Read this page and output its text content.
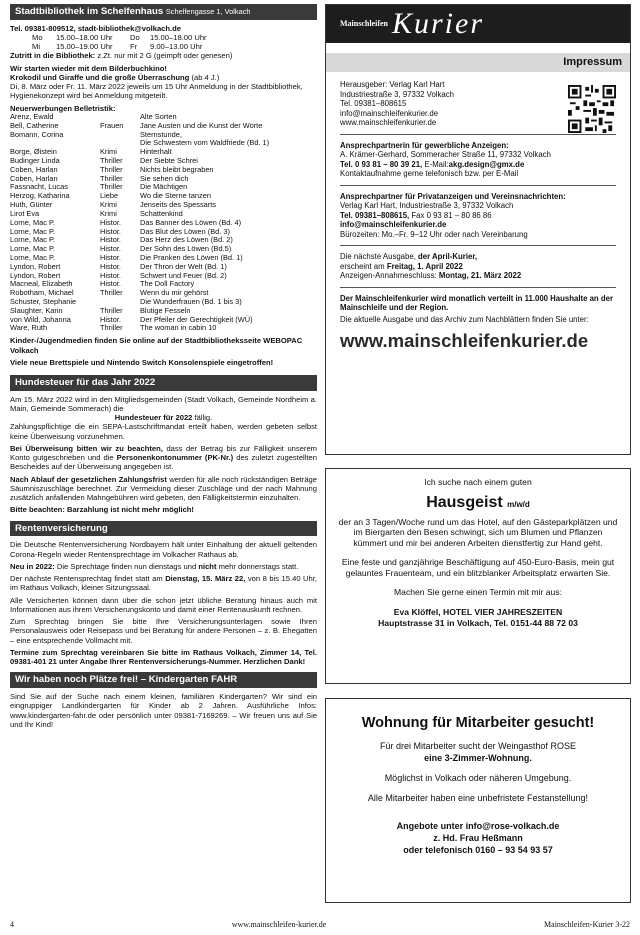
Stadtbibliothek im Schelfenhaus Schelfengasse 1, Volkach
Tel. 09381-809512, stadt-bibliothek@volkach.de
Mo	15.00–18.00 Uhr	Do	15.00–18.00 Uhr
Mi	15.00–19.00 Uhr	Fr	9.00–13.00 Uhr

Zutritt in die Bibliothek: z.Zt. nur mit 2 G (geimpft oder genesen)

Wir starten wieder mit dem Bilderbuchkino!
Krokodil und Giraffe und die große Überraschung (ab 4 J.)

Di, 8. März oder Fr. 11. März 2022 jeweils um 15 Uhr Anmeldung in der Stadtbibliothek, Hygienekonzept wird bei Anmeldung mitgeteilt.

Neuerwerbungen Belletristik:
Arenz, Ewald		Alte Sorten
Bell, Catherine	Frauen	Jane Austen und die Kunst der Worte
Bomann, Corina		Sternstunde,
		Die Schwestern vom Waldfriede (Bd. 1)
Borge, Øistein	Krimi	Hinterhalt
Budinger Linda	Thriller	Der Siebte Schrei
Coben, Harlan	Thriller	Nichts bleibt begraben
Coben, Harlan	Thriller	Sie sehen dich
Fassnacht, Lucas	Thriller	Die Mächtigen
Herzog, Katharina	Liebe	Wo die Sterne tanzen
Huth, Günter	Krimi	Jenseits des Spessarts
Lirot Eva	Krimi	Schattenkind
Lorne, Mac P.	Histor.	Das Banner des Löwen (Bd. 4)
Lorne, Mac P.	Histor.	Das Blut des Löwen (Bd. 3)
Lorne, Mac P.	Histor.	Das Herz des Löwen (Bd. 2)
Lorne, Mac P.	Histor.	Der Sohn des Löwen (Bd.5)
Lorne, Mac P.	Histor.	Die Pranken des Löwen (Bd. 1)
Lyndon, Robert	Histor.	Der Thron der Welt (Bd. 1)
Lyndon, Robert	Histor.	Schwert und Feuer (Bd. 2)
Macneal, Elizabeth	Histor.	The Doll Factory
Robotham, Michael	Thriller	Wenn du mir gehörst
Schuster, Stephanie		Die Wunderfrauen (Bd. 1 bis 3)
Slaughter, Karin	Thriller	Blutige Fesseln
von Wild, Johanna	Histor.	Der Pfeiler der Gerechtigkeit (WÜ)
Ware, Ruth	Thriller	The woman in cabin 10

Kinder-/Jugendmedien finden Sie online auf der Stadtbibliotheksseite WEBOPAC Volkach

Viele neue Brettspiele und Nintendo Switch Konsolenspiele eingetroffen!

Hundesteuer für das Jahr 2022
Am 15. März 2022 wird in den Mitgliedsgemeinden (Stadt Volkach, Gemeinde Nordheim a. Main, Gemeinde Sommerach) die
Hundesteuer für 2022 fällig.

Zahlungspflichtige die ein SEPA-Lastschriftmandat erteilt haben, werden gebeten selbst keine Überweisung vorzunehmen.

Bei Überweisung bitten wir zu beachten, dass der Betrag bis zur Fälligkeit unserem Konto gutgeschrieben und die Personenkontonummer (PK-Nr.) des zuletzt zugestellten Bescheides auf der Überweisung angegeben ist.

Nach Ablauf der gesetzlichen Zahlungsfrist werden für alle noch rückständigen Beträge Säumniszuschläge berechnet. Zur Vermeidung dieser Zuschläge und der nach Mahnung zusätzlich anfallenden Mahngebühren wird gebeten, den Fälligkeitstermin einzuhalten.

Bitte beachten: Barzahlung ist nicht mehr möglich!

Rentenversicherung

Die Deutsche Rentenversicherung Nordbayern hält unter Einhaltung der aktuell geltenden Corona-Regeln wieder Rentensprechtage im Volkacher Rathaus ab.

Neu in 2022: Die Sprechtage finden nun dienstags und nicht mehr donnerstags statt.

Der nächste Rentensprechtag findet statt am Dienstag, 15. März 22, von 8 bis 15.40 Uhr, im Rathaus Volkach, kleiner Sitzungssaal.

Alle Versicherten können dann über die schon jetzt übliche Beratung hinaus auch mit Informationen aus ihrem Versicherungskonto und damit einer Rentenauskunft rechnen.

Zum Sprechtag bringen Sie bitte Ihre Versicherungsunterlagen sowie Ihren Personalausweis oder Reisepass und bei Beratung für andere Personen – z. B. Ehegatten – eine entsprechende Vollmacht mit.

Termine zum Sprechtag vereinbaren Sie bitte im Rathaus Volkach, Zimmer 14, Tel. 09381-401 21 unter Angabe Ihrer Rentenversicherungs-Nummer. Herzlichen Dank!

Wir haben noch Plätze frei! – Kindergarten FAHR
Sind Sie auf der Suche nach einem kleinen, familiären Kindergarten? Wir sind ein eingruppiger Landkindergarten für Kinder ab 2 Jahren. Ausführliche Infos: www.kindergarten-fahr.de oder persönlich unter 09381-7169269. – Wir freuen uns auf Sie und Ihr Kind!
Mainschleifen Kurier
Impressum
Herausgeber: Verlag Karl Hart
Industriestraße 3, 97332 Volkach
Tel. 09381–808615
info@mainschleifenkurier.de
www.mainschleifenkurier.de
Ansprechpartnerin für gewerbliche Anzeigen:
A. Krämer-Gerhard, Sommeracher Straße 11, 97332 Volkach
Tel. 0 93 81 – 80 39 21, E-Mail:akg.design@gmx.de
Kontaktaufnahme gerne telefonisch bzw. per E-Mail
Ansprechpartner für Privatanzeigen und Vereinsnachrichten:
Verlag Karl Hart, Industriestraße 3, 97332 Volkach
Tel. 09381–808615, Fax 0 93 81 – 80 86 86
info@mainschleifenkurier.de
Bürozeiten: Mo.–Fr. 9–12 Uhr oder nach Vereinbarung
Die nächste Ausgabe, der April-Kurier,
erscheint am Freitag, 1. April 2022
Anzeigen-Annahmeschluss: Montag, 21. März 2022

Der Mainschleifenkurier wird monatlich verteilt in 11.000 Haushalte an der Mainschleife und der Region.

Die aktuelle Ausgabe und das Archiv zum Nachblättern finden Sie unter:

www.mainschleifenkurier.de
Ich suche nach einem guten
Hausgeist m/w/d
der an 3 Tagen/Woche rund um das Hotel, auf den Gästeparkplätzen und im Biergarten den Besen schwingt, sich um Blumen und Pflanzen kümmert und mir bei anderen Arbeiten dienstfertig zur Hand geht.
Eine feste und ganzjährige Beschäftigung auf 450-Euro-Basis, mein gut gelauntes Frauenteam, und ein blitzblanker Arbeitsplatz erwarten Sie.
Machen Sie gerne einen Termin mit mir aus:
Eva Klöffel, HOTEL VIER JAHRESZEITEN
Hauptstrasse 31 in Volkach, Tel. 0151-44 88 72 03
Wohnung für Mitarbeiter gesucht!
Für drei Mitarbeiter sucht der Weingasthof ROSE
eine 3-Zimmer-Wohnung.
Möglichst in Volkach oder näheren Umgebung.
Alle Mitarbeiter haben eine unbefristete Festanstellung!
Angebote unter info@rose-volkach.de
z. Hd. Frau Heßmann
oder telefonisch 0160 – 93 54 93 57
4	www.mainschleifen-kurier.de	Mainschleifen-Kurier 3-22
